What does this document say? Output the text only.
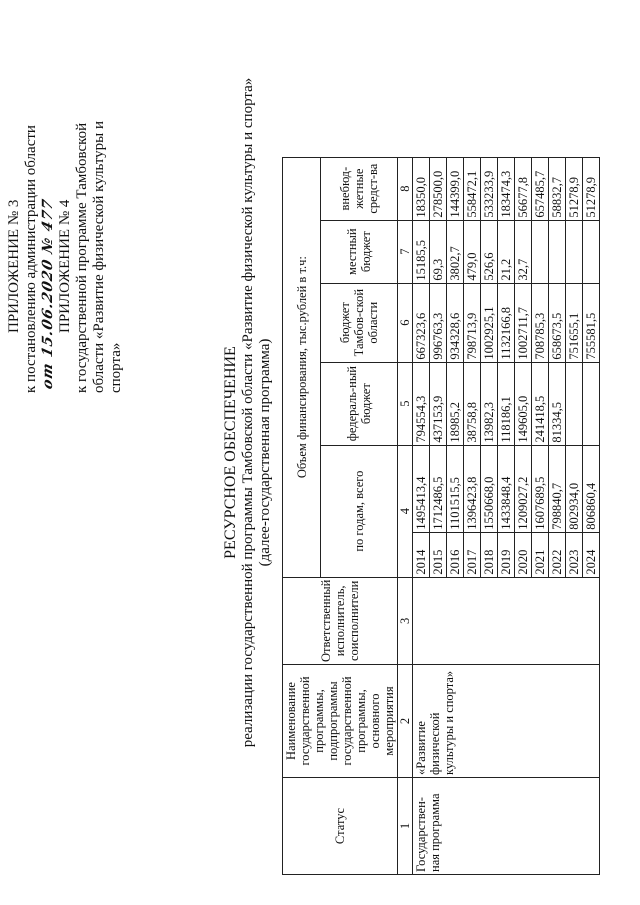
ПРИЛОЖЕНИЕ № 3 к постановлению администрации области от 15.06.2020 № 477 ПРИЛОЖЕНИЕ № 4 к государственной программе Тамбовской области «Развитие физической культуры и спорта»	РЕСУРСНОЕ ОБЕСПЕЧЕНИЕ реализации государственной программы Тамбовской области «Развитие физической культуры и спорта» (далее-государственная программа)
Статус	Наименование государственной программы, подпрограммы государственной программы, основного мероприятия	Ответственный исполнитель, соисполнители	Объем финансирования, тыс.рублей в т.ч:					
			по годам, всего		федераль-ный бюджет	бюджет Тамбов-ской области	местный бюджет	внебюд-жетные средст-ва
1	2	3	4		5	6	7	8
Государствен-ная программа	«Развитие физической культуры и спорта»		2014	1495413,4	794554,3	667323,6	15185,5	18350,0
			2015	1712486,5	437153,9	996763,3	69,3	278500,0
			2016	1101515,5	18985,2	934328,6	3802,7	144399,0
			2017	1396423,8	38758,8	798713,9	479,0	558472,1
			2018	1550668,0	13982,3	1002925,1	526,6	533233,9
			2019	1433848,4	118186,1	1132166,8	21,2	183474,3
			2020	1209027,2	149605,0	1002711,7	32,7	56677,8
			2021	1607689,5	241418,5	708785,3		657485,7
			2022	798840,7	81334,5	658673,5		58832,7
			2023	802934,0		751655,1		51278,9
			2024	806860,4		755581,5		51278,9
